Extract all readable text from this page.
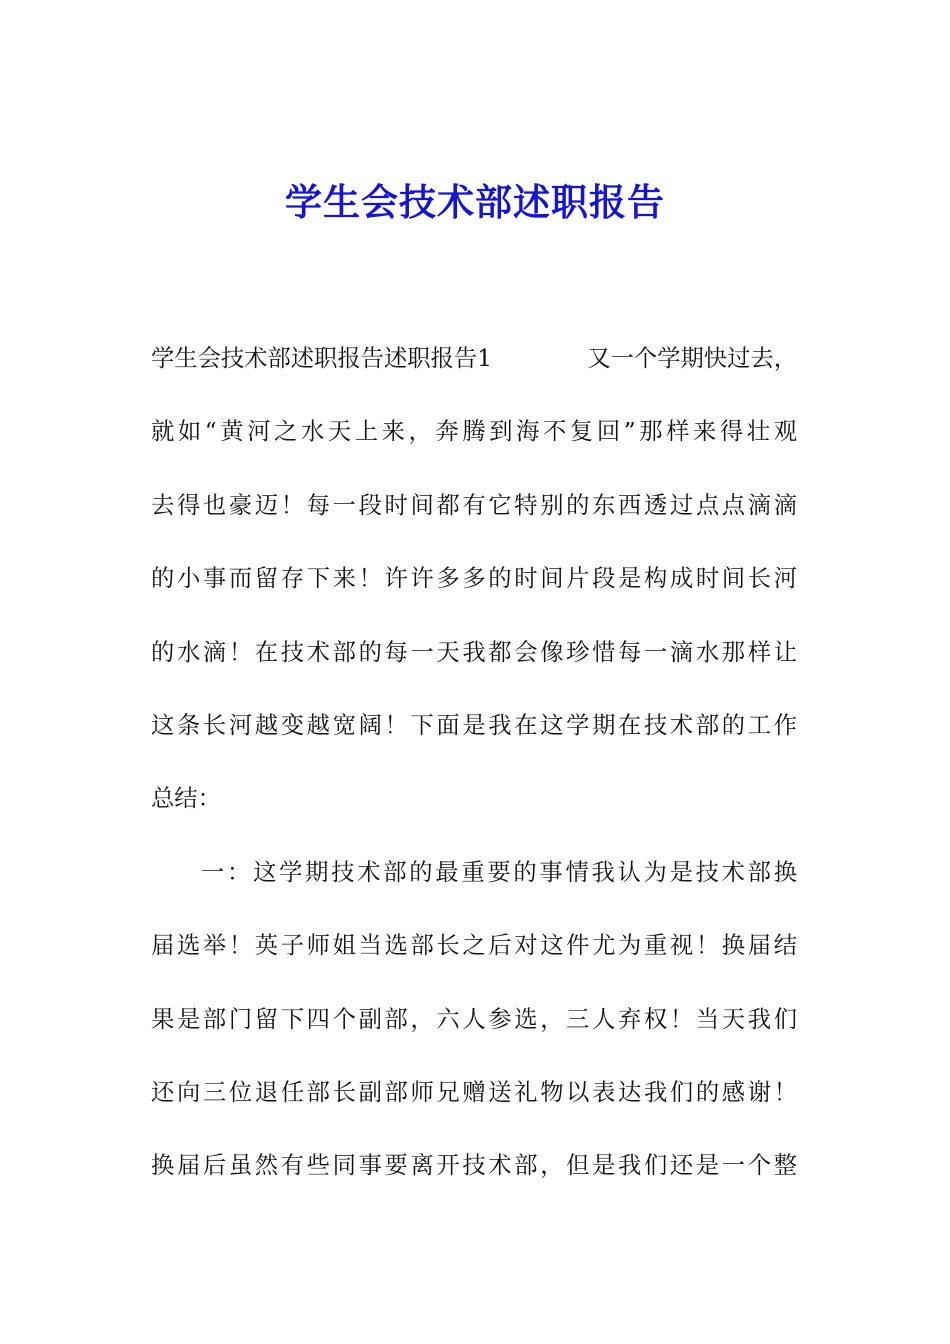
学生会技术部述职报告
学生会技术部述职报告述职报告1	又一个学期快过去，
就如“黄河之水天上来，奔腾到海不复回”那样来得壮观
去得也豪迈！每一段时间都有它特别的东西透过点点滴滴
的小事而留存下来！许许多多的时间片段是构成时间长河
的水滴！在技术部的每一天我都会像珍惜每一滴水那样让
这条长河越变越宽阔！下面是我在这学期在技术部的工作
总结：
一：这学期技术部的最重要的事情我认为是技术部换
届选举！英子师姐当选部长之后对这件尤为重视！换届结
果是部门留下四个副部，六人参选，三人弃权！当天我们
还向三位退任部长副部师兄赠送礼物以表达我们的感谢！
换届后虽然有些同事要离开技术部，但是我们还是一个整
